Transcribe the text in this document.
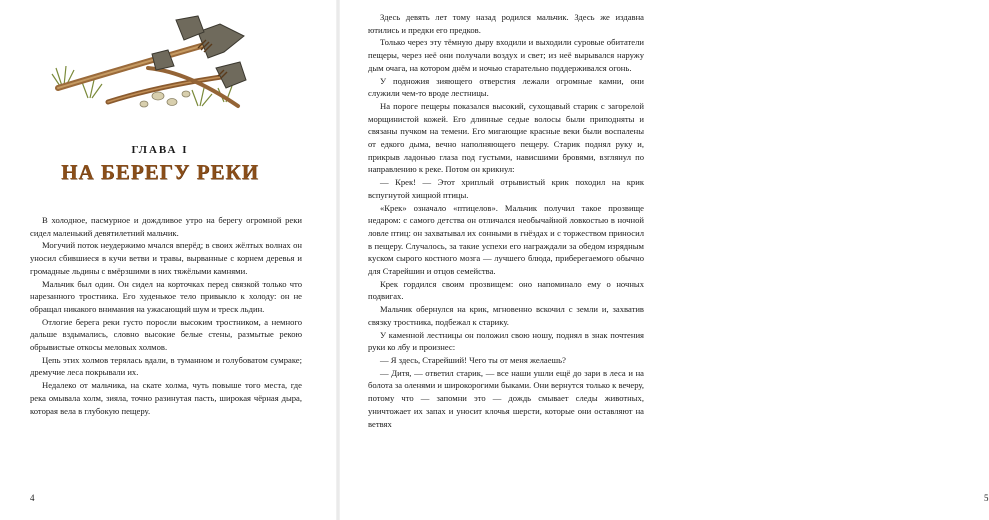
ГЛАВА I
НА БЕРЕГУ РЕКИ

В холодное, пасмурное и дождливое утро на берегу огромной реки сидел маленький девятилетний мальчик.

Могучий поток неудержимо мчался вперёд; в своих жёлтых волнах он уносил сбившиеся в кучи ветви и травы, вырванные с корнем деревья и громадные льдины с вмёрзшими в них тяжёлыми камнями.

Мальчик был один. Он сидел на корточках перед связкой только что нарезанного тростника. Его худенькое тело привыкло к холоду: он не обращал никакого внимания на ужасающий шум и треск льдин.

Отлогие берега реки густо поросли высоким тростником, а немного дальше вздымались, словно высокие белые стены, размытые рекою обрывистые откосы меловых холмов.

Цепь этих холмов терялась вдали, в туманном и голубоватом сумраке; дремучие леса покрывали их.

Недалеко от мальчика, на скате холма, чуть повыше того места, где река омывала холм, зияла, точно разинутая пасть, широкая чёрная дыра, которая вела в глубокую пещеру.

4	5

Здесь девять лет тому назад родился мальчик. Здесь же издавна ютились и предки его предков.

Только через эту тёмную дыру входили и выходили суровые обитатели пещеры, через неё они получали воздух и свет; из неё вырывался наружу дым очага, на котором днём и ночью старательно поддерживался огонь.

У подножия зияющего отверстия лежали огромные камни, они служили чем-то вроде лестницы.

На пороге пещеры показался высокий, сухощавый старик с загорелой морщинистой кожей. Его длинные седые волосы были приподняты и связаны пучком на темени. Его мигающие красные веки были воспалены от едкого дыма, вечно наполняющего пещеру. Старик поднял руку и, прикрыв ладонью глаза под густыми, нависшими бровями, взглянул по направлению к реке. Потом он крикнул:

— Крек! — Этот хриплый отрывистый крик походил на крик вспугнутой хищной птицы.

«Крек» означало «птицелов». Мальчик получил такое прозвище недаром: с самого детства он отличался необычайной ловкостью в ночной ловле птиц: он захватывал их сонными в гнёздах и с торжеством приносил в пещеру. Случалось, за такие успехи его награждали за обедом изрядным куском сырого костного мозга — лучшего блюда, приберегаемого обычно для Старейшин и отцов семейства.

Крек гордился своим прозвищем: оно напоминало ему о ночных подвигах.

Мальчик обернулся на крик, мгновенно вскочил с земли и, захватив связку тростника, подбежал к старику.

У каменной лестницы он положил свою ношу, поднял в знак почтения руки ко лбу и произнес:

— Я здесь, Старейший! Чего ты от меня желаешь?

— Дитя, — ответил старик, — все наши ушли ещё до зари в леса и на болота за оленями и широкорогими быками. Они вернутся только к вечеру, потому что — запомни это — дождь смывает следы животных, уничтожает их запах и уносит клочья шерсти, которые они оставляют на ветвях
